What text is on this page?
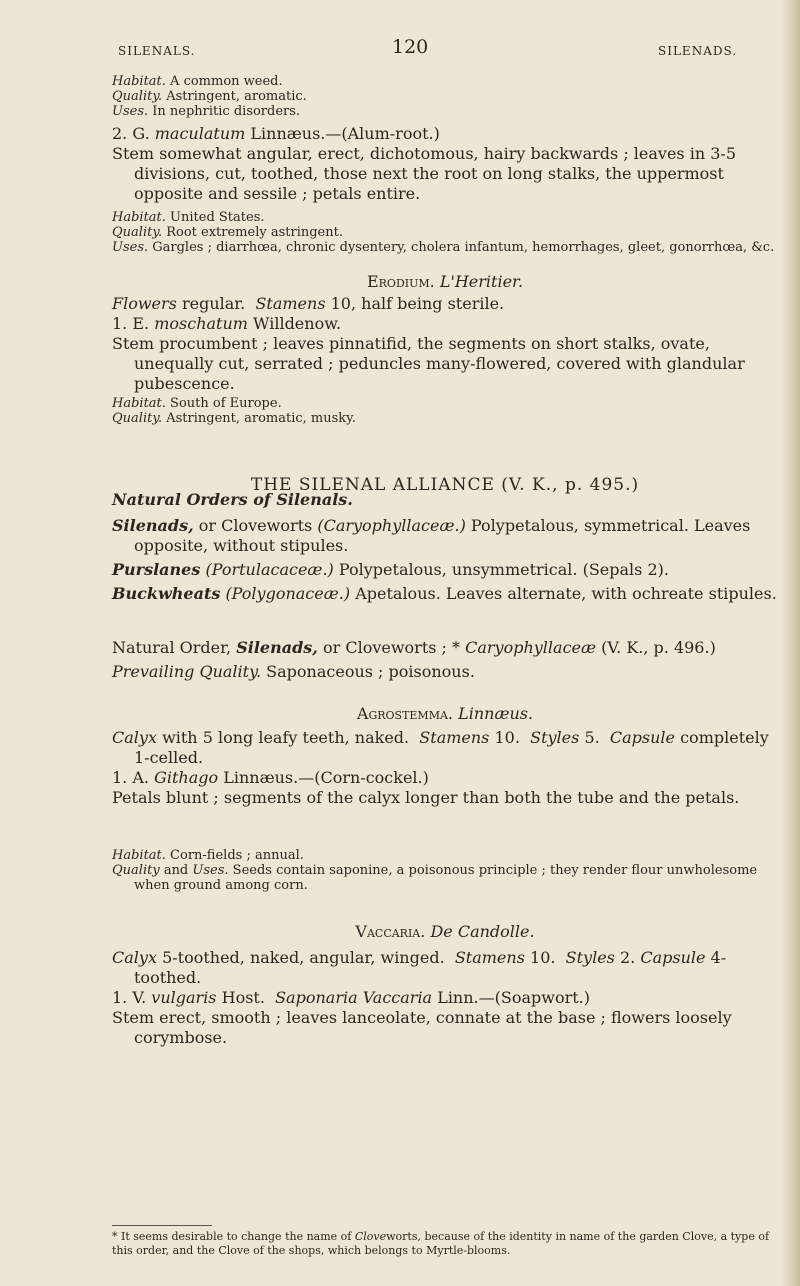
SILENALS.	120	SILENADS.

Habitat. A common weed.

Quality. Astringent, aromatic.

Uses. In nephritic disorders.

2. G. maculatum Linnæus.—(Alum-root.)

Stem somewhat angular, erect, dichotomous, hairy backwards ; leaves in 3-5 divisions, cut, toothed, those next the root on long stalks, the uppermost opposite and sessile ; petals entire.

Habitat. United States.

Quality. Root extremely astringent.

Uses. Gargles ; diarrhœa, chronic dysentery, cholera infantum, hemorrhages, gleet, gonorrhœa, &c.

Erodium. L'Heritier.

Flowers regular. Stamens 10, half being sterile.

1. E. moschatum Willdenow.

Stem procumbent ; leaves pinnatifid, the segments on short stalks, ovate, unequally cut, serrated ; peduncles many-flowered, covered with glandular pubescence.

Habitat. South of Europe.

Quality. Astringent, aromatic, musky.

THE SILENAL ALLIANCE (V. K., p. 495.)

Natural Orders of Silenals.

Silenads, or Cloveworts (Caryophyllaceæ.) Polypetalous, symmetrical. Leaves opposite, without stipules.

Purslanes (Portulacaceæ.) Polypetalous, unsymmetrical. (Sepals 2).

Buckwheats (Polygonaceæ.) Apetalous. Leaves alternate, with ochreate stipules.

Natural Order, Silenads, or Cloveworts ; * Caryophyllaceæ (V. K., p. 496.)

Prevailing Quality. Saponaceous ; poisonous.

Agrostemma. Linnæus.

Calyx with 5 long leafy teeth, naked. Stamens 10. Styles 5. Capsule completely 1-celled.

1. A. Githago Linnæus.—(Corn-cockel.)

Petals blunt ; segments of the calyx longer than both the tube and the petals.

Habitat. Corn-fields ; annual.

Quality and Uses. Seeds contain saponine, a poisonous principle ; they render flour unwholesome when ground among corn.

Vaccaria. De Candolle.

Calyx 5-toothed, naked, angular, winged. Stamens 10. Styles 2. Capsule 4-toothed.

1. V. vulgaris Host. Saponaria Vaccaria Linn.—(Soapwort.)

Stem erect, smooth ; leaves lanceolate, connate at the base ; flowers loosely corymbose.

* It seems desirable to change the name of Cloveworts, because of the identity in name of the garden Clove, a type of this order, and the Clove of the shops, which belongs to Myrtle-blooms.
